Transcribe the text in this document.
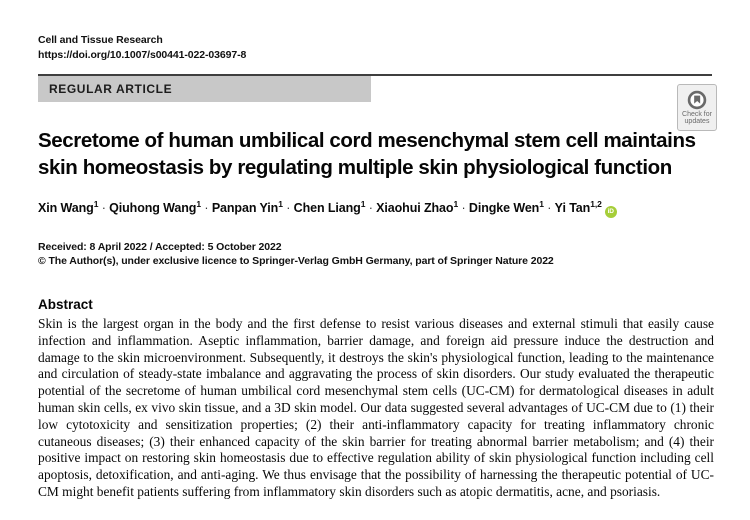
Cell and Tissue Research
https://doi.org/10.1007/s00441-022-03697-8
REGULAR ARTICLE
Check for
updates
Secretome of human umbilical cord mesenchymal stem cell maintains skin homeostasis by regulating multiple skin physiological function
Xin Wang$^1$ · Qiuhong Wang$^1$ · Panpan Yin$^1$ · Chen Liang$^1$ · Xiaohui Zhao$^1$ · Dingke Wen$^1$ · Yi Tan$^{1,2}$iD
Received: 8 April 2022 / Accepted: 5 October 2022
© The Author(s), under exclusive licence to Springer-Verlag GmbH Germany, part of Springer Nature 2022
Abstract

Skin is the largest organ in the body and the first defense to resist various diseases and external stimuli that easily cause infection and inflammation. Aseptic inflammation, barrier damage, and foreign aid pressure induce the destruction and damage to the skin microenvironment. Subsequently, it destroys the skin's physiological function, leading to the maintenance and circulation of steady-state imbalance and aggravating the process of skin disorders. Our study evaluated the therapeutic potential of the secretome of human umbilical cord mesenchymal stem cells (UC-CM) for dermatological diseases in adult human skin cells, ex vivo skin tissue, and a 3D skin model. Our data suggested several advantages of UC-CM due to (1) their low cytotoxicity and sensitization properties; (2) their anti-inflammatory capacity for treating inflammatory chronic cutaneous diseases; (3) their enhanced capacity of the skin barrier for treating abnormal barrier metabolism; and (4) their positive impact on restoring skin homeostasis due to effective regulation ability of skin physiological function including cell apoptosis, detoxification, and anti-aging. We thus envisage that the possibility of harnessing the therapeutic potential of UC-CM might benefit patients suffering from inflammatory skin disorders such as atopic dermatitis, acne, and psoriasis.
